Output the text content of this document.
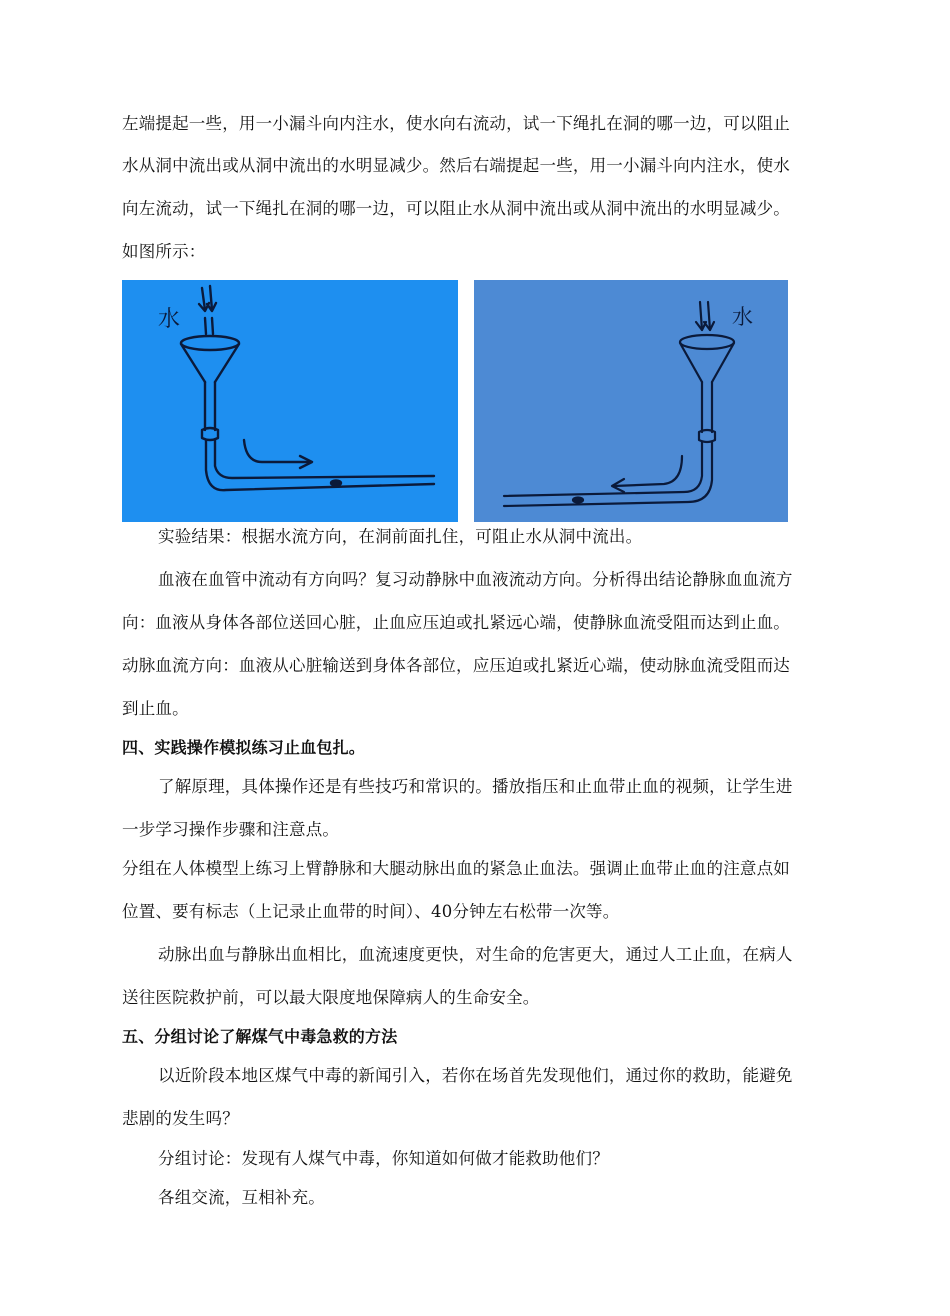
左端提起一些，用一小漏斗向内注水，使水向右流动，试一下绳扎在洞的哪一边，可以阻止
水从洞中流出或从洞中流出的水明显减少。然后右端提起一些，用一小漏斗向内注水，使水
向左流动，试一下绳扎在洞的哪一边，可以阻止水从洞中流出或从洞中流出的水明显减少。
如图所示：
水	水
实验结果：根据水流方向，在洞前面扎住，可阻止水从洞中流出。
血液在血管中流动有方向吗？复习动静脉中血液流动方向。分析得出结论静脉血血流方
向：血液从身体各部位送回心脏，止血应压迫或扎紧远心端，使静脉血流受阻而达到止血。
动脉血流方向：血液从心脏输送到身体各部位，应压迫或扎紧近心端，使动脉血流受阻而达
到止血。
四、实践操作模拟练习止血包扎。
了解原理，具体操作还是有些技巧和常识的。播放指压和止血带止血的视频，让学生进
一步学习操作步骤和注意点。
分组在人体模型上练习上臂静脉和大腿动脉出血的紧急止血法。强调止血带止血的注意点如
位置、要有标志（上记录止血带的时间）、40分钟左右松带一次等。
动脉出血与静脉出血相比，血流速度更快，对生命的危害更大，通过人工止血，在病人
送往医院救护前，可以最大限度地保障病人的生命安全。
五、分组讨论了解煤气中毒急救的方法
以近阶段本地区煤气中毒的新闻引入，若你在场首先发现他们，通过你的救助，能避免
悲剧的发生吗？
分组讨论：发现有人煤气中毒，你知道如何做才能救助他们？
各组交流，互相补充。
